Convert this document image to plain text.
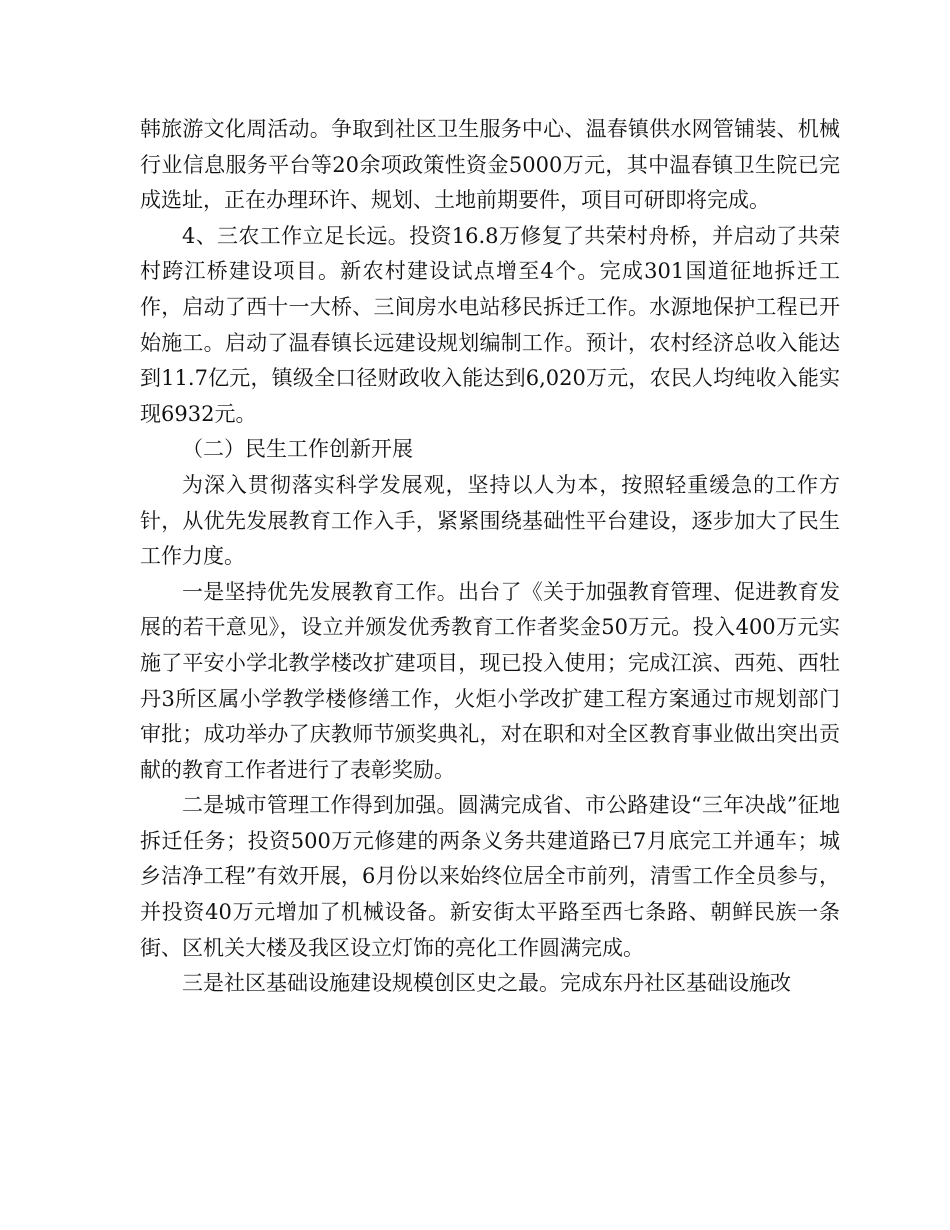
韩旅游文化周活动。争取到社区卫生服务中心、温春镇供水网管铺装、机械行业信息服务平台等20余项政策性资金5000万元，其中温春镇卫生院已完成选址，正在办理环许、规划、土地前期要件，项目可研即将完成。

4、三农工作立足长远。投资16.8万修复了共荣村舟桥，并启动了共荣村跨江桥建设项目。新农村建设试点增至4个。完成301国道征地拆迁工作，启动了西十一大桥、三间房水电站移民拆迁工作。水源地保护工程已开始施工。启动了温春镇长远建设规划编制工作。预计，农村经济总收入能达到11.7亿元，镇级全口径财政收入能达到6,020万元，农民人均纯收入能实现6932元。

（二）民生工作创新开展

为深入贯彻落实科学发展观，坚持以人为本，按照轻重缓急的工作方针，从优先发展教育工作入手，紧紧围绕基础性平台建设，逐步加大了民生工作力度。

一是坚持优先发展教育工作。出台了《关于加强教育管理、促进教育发展的若干意见》，设立并颁发优秀教育工作者奖金50万元。投入400万元实施了平安小学北教学楼改扩建项目，现已投入使用；完成江滨、西苑、西牡丹3所区属小学教学楼修缮工作，火炬小学改扩建工程方案通过市规划部门审批；成功举办了庆教师节颁奖典礼，对在职和对全区教育事业做出突出贡献的教育工作者进行了表彰奖励。

二是城市管理工作得到加强。圆满完成省、市公路建设“三年决战”征地拆迁任务；投资500万元修建的两条义务共建道路已7月底完工并通车；城乡洁净工程”有效开展，6月份以来始终位居全市前列，清雪工作全员参与，并投资40万元增加了机械设备。新安街太平路至西七条路、朝鲜民族一条街、区机关大楼及我区设立灯饰的亮化工作圆满完成。

三是社区基础设施建设规模创区史之最。完成东丹社区基础设施改
